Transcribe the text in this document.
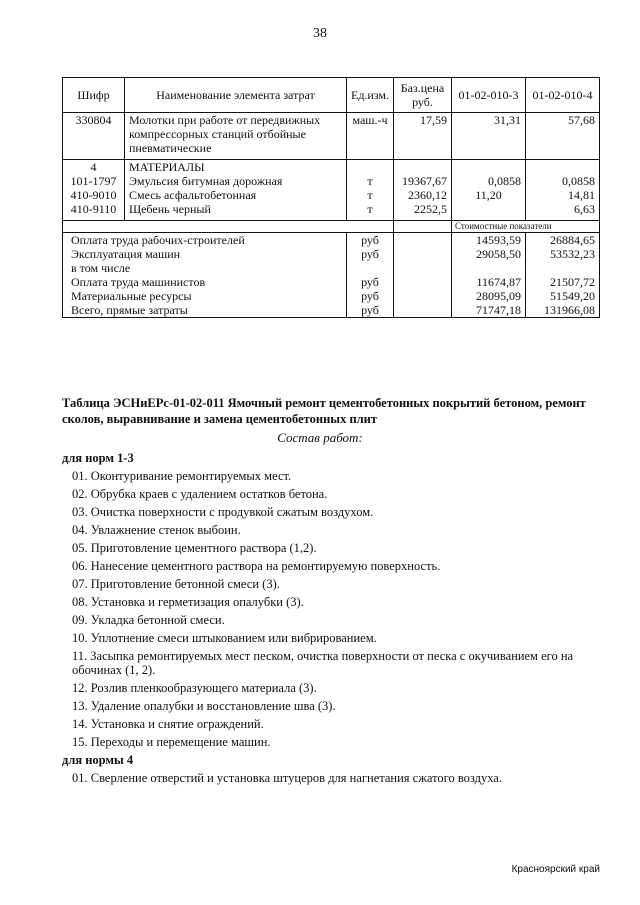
38
Шифр	Наименование элемента затрат	Ед.изм.	Баз.цена руб.	01-02-010-3	01-02-010-4
330804	Молотки при работе от передвижных компрессорных станций отбойные пневматические	маш.-ч	17,59	31,31	57,68

4	МАТЕРИАЛЫ				
101-1797	Эмульсия битумная дорожная	т	19367,67	0,0858	0,0858
410-9010	Смесь асфальтобетонная	т	2360,12	11,20	14,81
410-9110	Щебень черный	т	2252,5		6,63

				Стоимостные показатели	
Оплата труда рабочих-строителей		руб		14593,59	26884,65
Эксплуатация машин		руб		29058,50	53532,23
в том числе					
Оплата труда машинистов		руб		11674,87	21507,72
Материальные ресурсы		руб		28095,09	51549,20
Всего, прямые затраты		руб		71747,18	131966,08
Таблица ЭСНиЕРс-01-02-011 Ямочный ремонт цементобетонных покрытий бетоном, ремонт сколов, выравнивание и замена цементобетонных плит
Состав работ:
для норм 1-3
01. Оконтуривание ремонтируемых мест.
02. Обрубка краев с удалением остатков бетона.
03. Очистка поверхности с продувкой сжатым воздухом.
04. Увлажнение стенок выбоин.
05. Приготовление цементного раствора (1,2).
06. Нанесение цементного раствора на ремонтируемую поверхность.
07. Приготовление бетонной смеси (3).
08. Установка и герметизация опалубки (3).
09. Укладка бетонной смеси.
10. Уплотнение смеси штыкованием или вибрированием.
11. Засыпка ремонтируемых мест песком, очистка поверхности от песка с окучиванием его на обочинах (1, 2).
12. Розлив пленкообразующего материала (3).
13. Удаление опалубки и восстановление шва (3).
14. Установка и снятие ограждений.
15. Переходы и перемещение машин.
для нормы 4
01. Сверление отверстий и установка штуцеров для нагнетания сжатого воздуха.
Красноярский край
